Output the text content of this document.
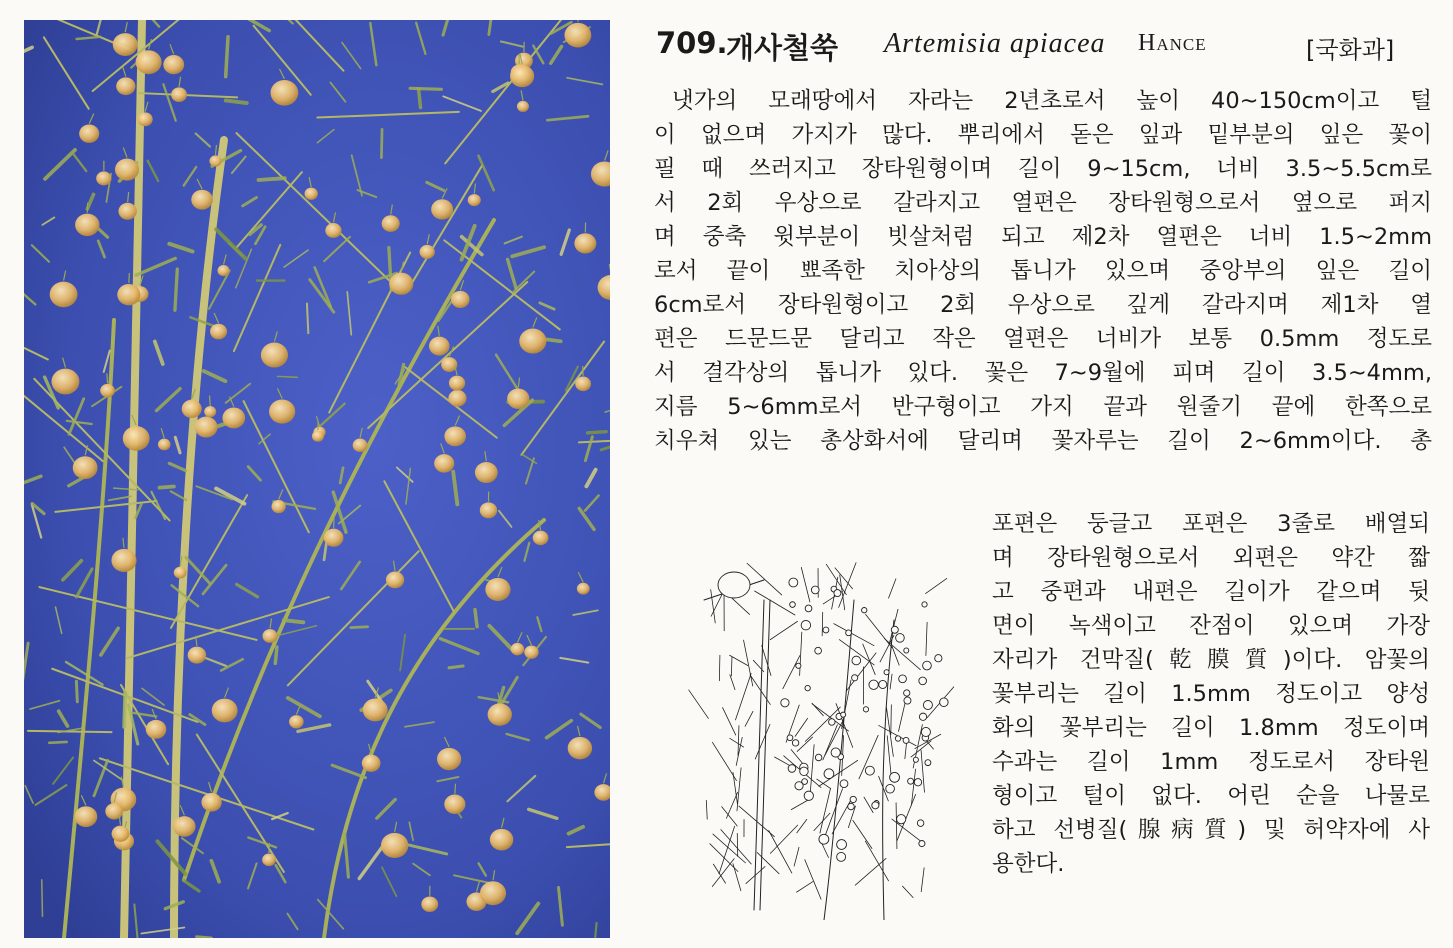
709.
개사철쑥 Artemisia apiacea Hance	[국화과]

냇가의 모래땅에서 자라는 2년초로서 높이 40~150cm이고 털

이 없으며 가지가 많다. 뿌리에서 돋은 잎과 밑부분의 잎은 꽃이

필 때 쓰러지고 장타원형이며 길이 9~15cm, 너비 3.5~5.5cm로

서 2회 우상으로 갈라지고 열편은 장타원형으로서 옆으로 퍼지

며 중축 윗부분이 빗살처럼 되고 제2차 열편은 너비 1.5~2mm

로서 끝이 뾰족한 치아상의 톱니가 있으며 중앙부의 잎은 길이

6cm로서 장타원형이고 2회 우상으로 깊게 갈라지며 제1차 열

편은 드문드문 달리고 작은 열편은 너비가 보통 0.5mm 정도로

서 결각상의 톱니가 있다. 꽃은 7~9월에 피며 길이 3.5~4mm,

지름 5~6mm로서 반구형이고 가지 끝과 원줄기 끝에 한쪽으로

치우쳐 있는 총상화서에 달리며 꽃자루는 길이 2~6mm이다. 총

포편은 둥글고 포편은 3줄로 배열되

며 장타원형으로서 외편은 약간 짧

고 중편과 내편은 길이가 같으며 뒷

면이 녹색이고 잔점이 있으며 가장

자리가 건막질(乾膜質)이다. 암꽃의

꽃부리는 길이 1.5mm 정도이고 양성

화의 꽃부리는 길이 1.8mm 정도이며

수과는 길이 1mm 정도로서 장타원

형이고 털이 없다. 어린 순을 나물로

하고 선병질(腺病質) 및 허약자에 사

용한다.
